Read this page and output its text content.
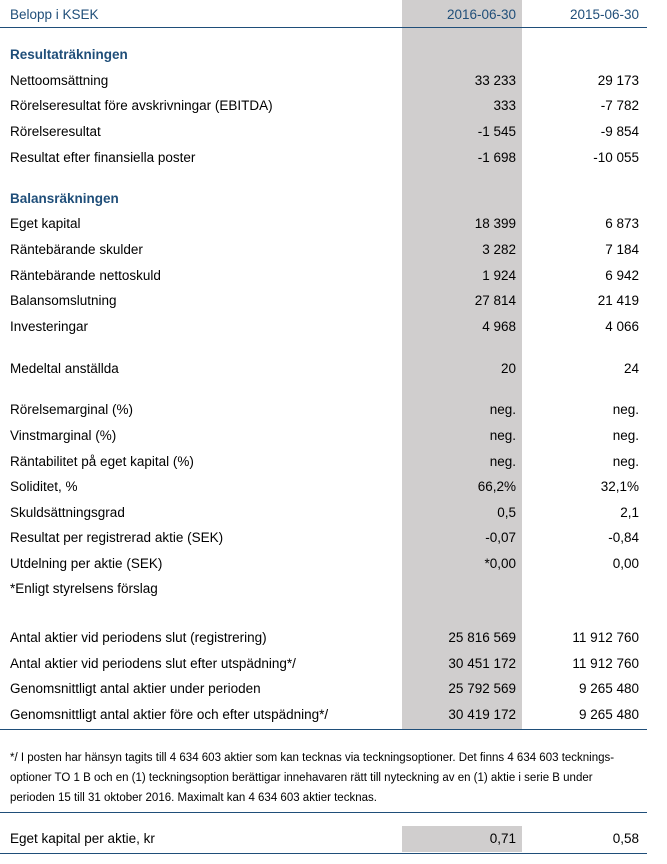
Belopp i KSEK	2016-06-30	2015-06-30
Resultaträkningen
Nettoomsättning	33 233	29 173
Rörelseresultat före avskrivningar (EBITDA)	333	-7 782
Rörelseresultat	-1 545	-9 854
Resultat efter finansiella poster	-1 698	-10 055
Balansräkningen
Eget kapital	18 399	6 873
Räntebärande skulder	3 282	7 184
Räntebärande nettoskuld	1 924	6 942
Balansomslutning	27 814	21 419
Investeringar	4 968	4 066
Medeltal anställda	20	24
Rörelsemarginal (%)	neg.	neg.
Vinstmarginal (%)	neg.	neg.
Räntabilitet på eget kapital (%)	neg.	neg.
Soliditet, %	66,2%	32,1%
Skuldsättningsgrad	0,5	2,1
Resultat per registrerad aktie (SEK)	-0,07	-0,84
Utdelning per aktie (SEK)	*0,00	0,00
*Enligt styrelsens förslag
Antal aktier vid periodens slut (registrering)	25 816 569	11 912 760
Antal aktier vid periodens slut efter utspädning*/	30 451 172	11 912 760
Genomsnittligt antal aktier under perioden	25 792 569	9 265 480
Genomsnittligt antal aktier före och efter utspädning*/	30 419 172	9 265 480
*/ I posten har hänsyn tagits till 4 634 603 aktier som kan tecknas via teckningsoptioner. Det finns 4 634 603 tecknings-optioner TO 1 B och en (1) teckningsoption berättigar innehavaren rätt till nyteckning av en (1) aktie i serie B under perioden 15 till 31 oktober 2016. Maximalt kan 4 634 603 aktier tecknas.
Eget kapital per aktie, kr	0,71	0,58
